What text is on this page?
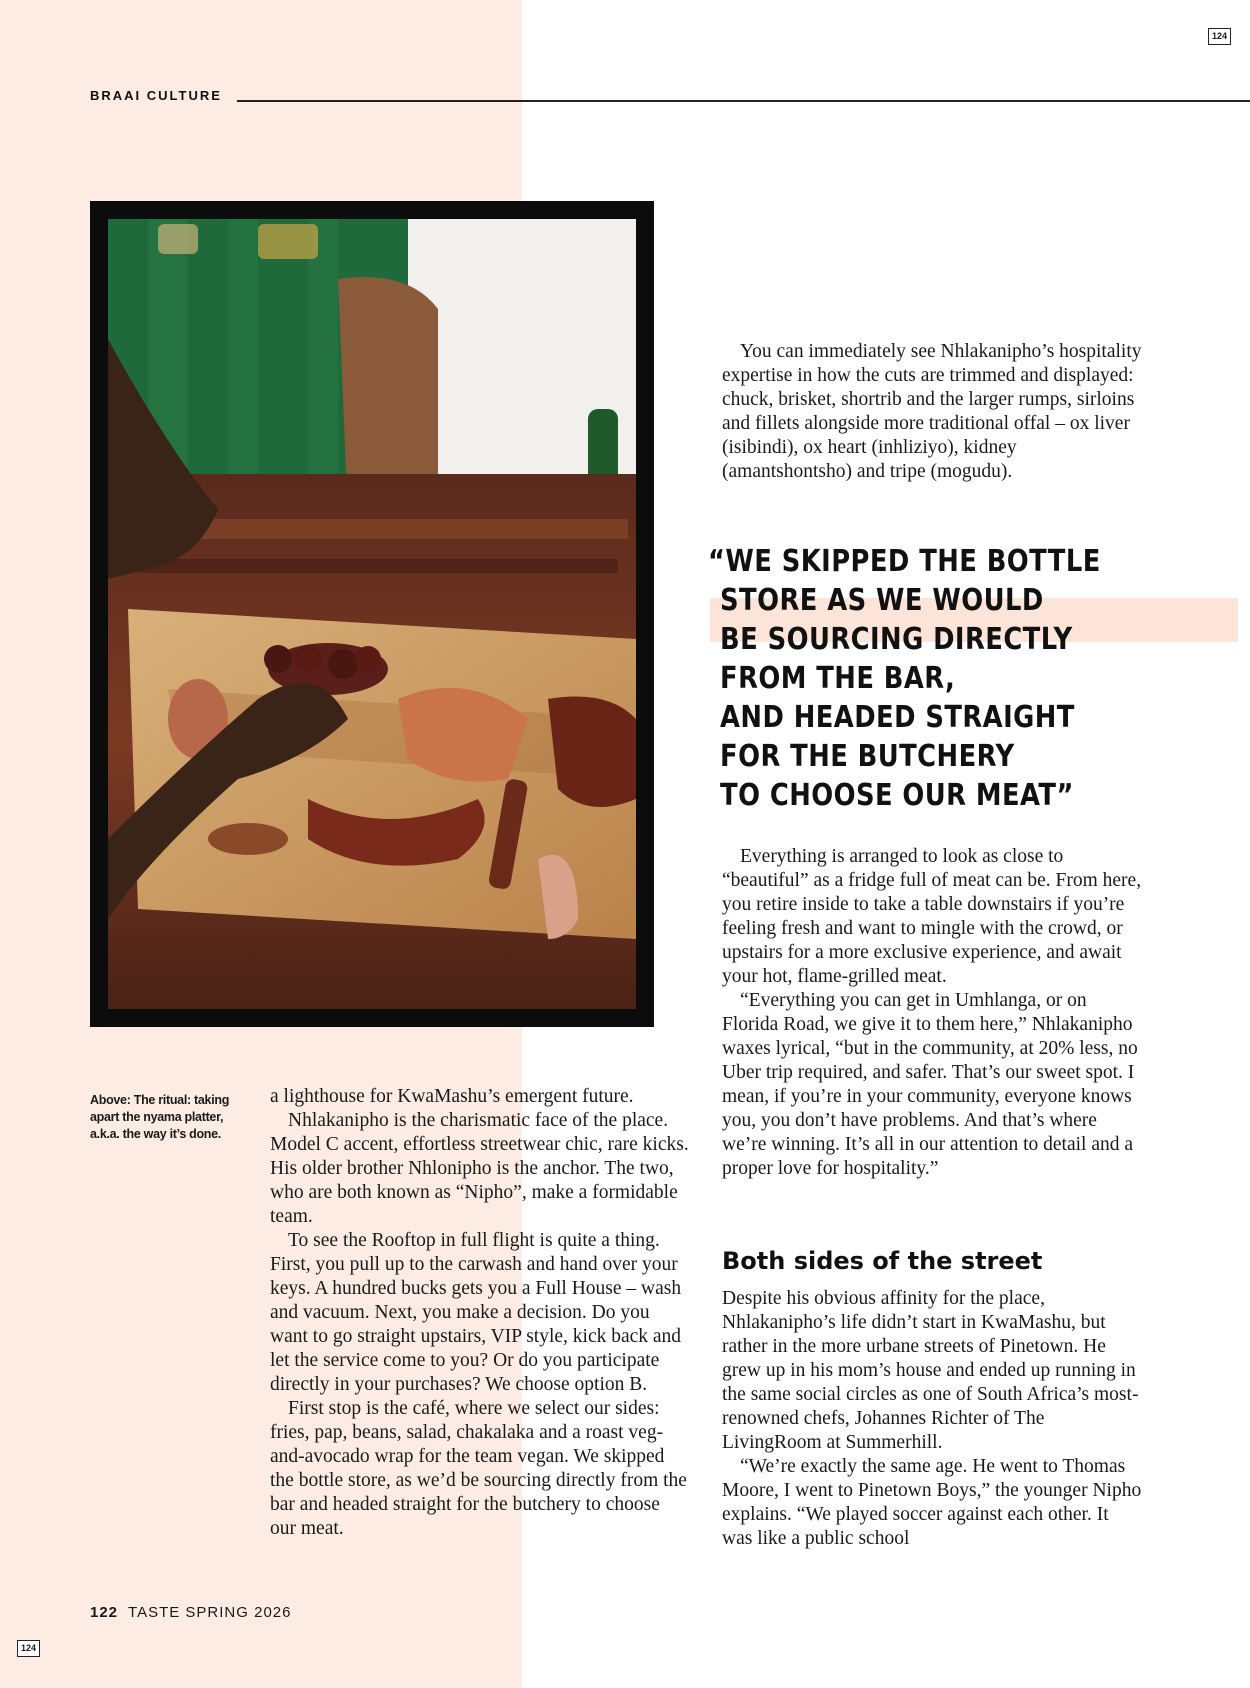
124
BRAAI CULTURE
Above: The ritual: taking apart the nyama platter, a.k.a. the way it’s done.

a lighthouse for KwaMashu’s emergent future.

Nhlakanipho is the charismatic face of the place. Model C accent, effortless streetwear chic, rare kicks. His older brother Nhlonipho is the anchor. The two, who are both known as “Nipho”, make a formidable team.

To see the Rooftop in full flight is quite a thing. First, you pull up to the carwash and hand over your keys. A hundred bucks gets you a Full House – wash and vacuum. Next, you make a decision. Do you want to go straight upstairs, VIP style, kick back and let the service come to you? Or do you participate directly in your purchases? We choose option B.

First stop is the café, where we select our sides: fries, pap, beans, salad, chakalaka and a roast veg-and-avocado wrap for the team vegan. We skipped the bottle store, as we’d be sourcing directly from the bar and headed straight for the butchery to choose our meat.

You can immediately see Nhlakanipho’s hospitality expertise in how the cuts are trimmed and displayed: chuck, brisket, shortrib and the larger rumps, sirloins and fillets alongside more traditional offal – ox liver (isibindi), ox heart (inhliziyo), kidney (amantshontsho) and tripe (mogudu).

“WE SKIPPED THE BOTTLE
STORE AS WE WOULD
BE SOURCING DIRECTLY
FROM THE BAR,
AND HEADED STRAIGHT
FOR THE BUTCHERY
TO CHOOSE OUR MEAT”

Everything is arranged to look as close to “beautiful” as a fridge full of meat can be. From here, you retire inside to take a table downstairs if you’re feeling fresh and want to mingle with the crowd, or upstairs for a more exclusive experience, and await your hot, flame-grilled meat.

“Everything you can get in Umhlanga, or on Florida Road, we give it to them here,” Nhlakanipho waxes lyrical, “but in the community, at 20% less, no Uber trip required, and safer. That’s our sweet spot. I mean, if you’re in your community, everyone knows you, you don’t have problems. And that’s where we’re winning. It’s all in our attention to detail and a proper love for hospitality.”

Both sides of the street

Despite his obvious affinity for the place, Nhlakanipho’s life didn’t start in KwaMashu, but rather in the more urbane streets of Pinetown. He grew up in his mom’s house and ended up running in the same social circles as one of South Africa’s most-renowned chefs, Johannes Richter of The LivingRoom at Summerhill.

“We’re exactly the same age. He went to Thomas Moore, I went to Pinetown Boys,” the younger Nipho explains. “We played soccer against each other. It was like a public school

122 TASTE SPRING 2026
124
